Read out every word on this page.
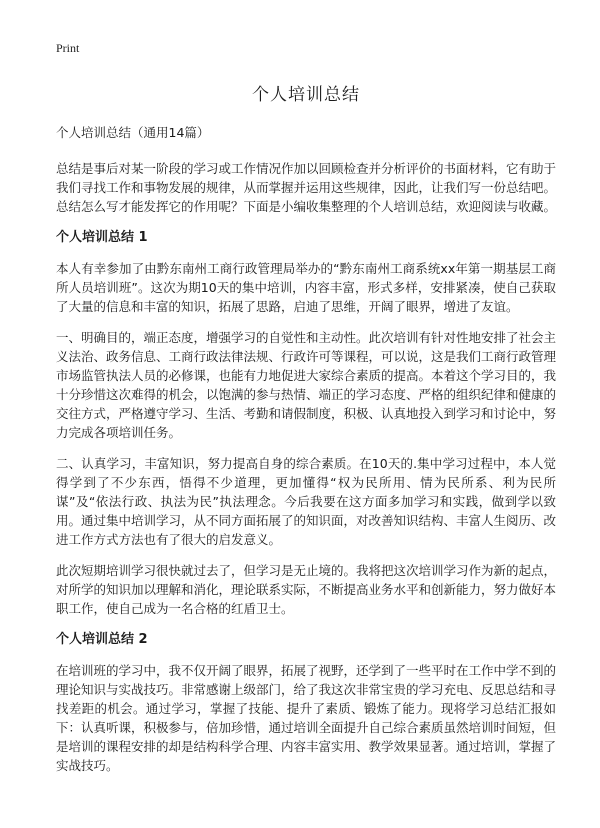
Print
个人培训总结
个人培训总结（通用14篇）

总结是事后对某一阶段的学习或工作情况作加以回顾检查并分析评价的书面材料，它有助于我们寻找工作和事物发展的规律，从而掌握并运用这些规律，因此，让我们写一份总结吧。总结怎么写才能发挥它的作用呢？下面是小编收集整理的个人培训总结，欢迎阅读与收藏。

个人培训总结 1

本人有幸参加了由黔东南州工商行政管理局举办的“黔东南州工商系统xx年第一期基层工商所人员培训班”。这次为期10天的集中培训，内容丰富，形式多样，安排紧凑，使自己获取了大量的信息和丰富的知识，拓展了思路，启迪了思维，开阔了眼界，增进了友谊。

一、明确目的，端正态度，增强学习的自觉性和主动性。此次培训有针对性地安排了社会主义法治、政务信息、工商行政法律法规、行政许可等课程，可以说，这是我们工商行政管理市场监管执法人员的必修课，也能有力地促进大家综合素质的提高。本着这个学习目的，我十分珍惜这次难得的机会，以饱满的参与热情、端正的学习态度、严格的组织纪律和健康的交往方式，严格遵守学习、生活、考勤和请假制度，积极、认真地投入到学习和讨论中，努力完成各项培训任务。

二、认真学习，丰富知识，努力提高自身的综合素质。在10天的.集中学习过程中，本人觉得学到了不少东西，悟得不少道理，更加懂得“权为民所用、情为民所系、利为民所谋”及“依法行政、执法为民”执法理念。今后我要在这方面多加学习和实践，做到学以致用。通过集中培训学习，从不同方面拓展了的知识面，对改善知识结构、丰富人生阅历、改进工作方式方法也有了很大的启发意义。

此次短期培训学习很快就过去了，但学习是无止境的。我将把这次培训学习作为新的起点，对所学的知识加以理解和消化，理论联系实际，不断提高业务水平和创新能力，努力做好本职工作，使自己成为一名合格的红盾卫士。

个人培训总结 2

在培训班的学习中，我不仅开阔了眼界，拓展了视野，还学到了一些平时在工作中学不到的理论知识与实战技巧。非常感谢上级部门，给了我这次非常宝贵的学习充电、反思总结和寻找差距的机会。通过学习，掌握了技能、提升了素质、锻炼了能力。现将学习总结汇报如下：认真听课，积极参与，倍加珍惜，通过培训全面提升自己综合素质虽然培训时间短，但是培训的课程安排的却是结构科学合理、内容丰富实用、教学效果显著。通过培训，掌握了实战技巧。
